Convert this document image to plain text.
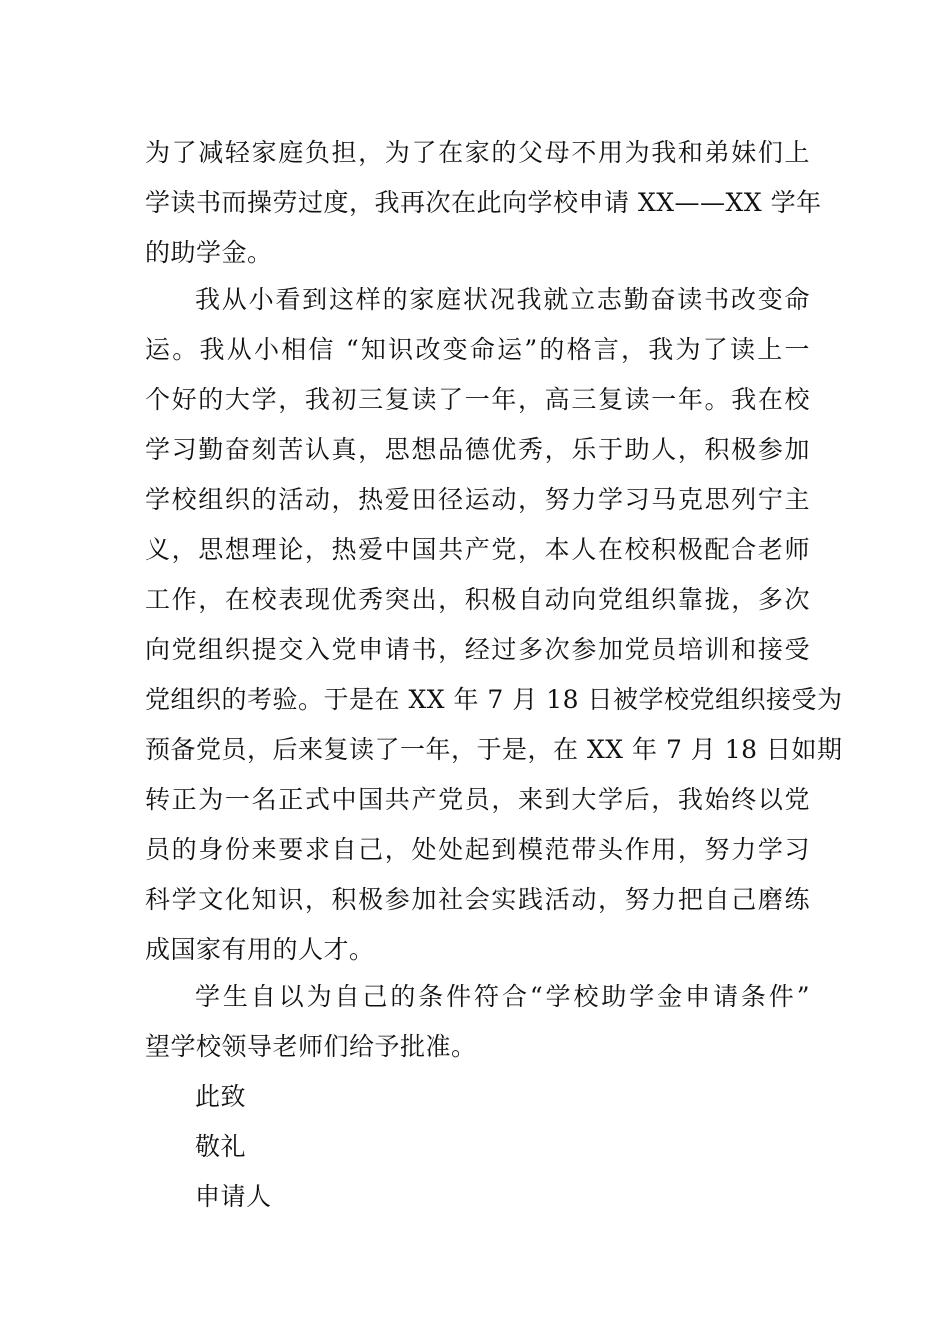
为了减轻家庭负担，为了在家的父母不用为我和弟妹们上
学读书而操劳过度，我再次在此向学校申请 XX——XX 学年
的助学金。
我从小看到这样的家庭状况我就立志勤奋读书改变命
运。我从小相信 “知识改变命运”的格言，我为了读上一
个好的大学，我初三复读了一年，高三复读一年。我在校
学习勤奋刻苦认真，思想品德优秀，乐于助人，积极参加
学校组织的活动，热爱田径运动，努力学习马克思列宁主
义，思想理论，热爱中国共产党，本人在校积极配合老师
工作，在校表现优秀突出，积极自动向党组织靠拢，多次
向党组织提交入党申请书，经过多次参加党员培训和接受
党组织的考验。于是在 XX 年 7 月 18 日被学校党组织接受为
预备党员，后来复读了一年，于是，在 XX 年 7 月 18 日如期
转正为一名正式中国共产党员，来到大学后，我始终以党
员的身份来要求自己，处处起到模范带头作用，努力学习
科学文化知识，积极参加社会实践活动，努力把自己磨练
成国家有用的人才。
学生自以为自己的条件符合“学校助学金申请条件”
望学校领导老师们给予批准。
此致
敬礼
申请人
